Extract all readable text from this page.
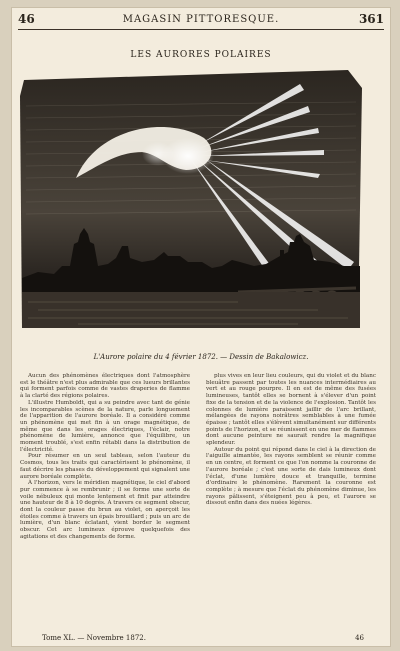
46	MAGASIN PITTORESQUE.	361
LES AURORES POLAIRES
L'Aurore polaire du 4 février 1872. — Dessin de Bakalowicz.

Aucun des phénomènes électriques dont l'atmosphère est le théâtre n'est plus admirable que ces lueurs brillantes qui forment parfois comme de vastes draperies de flamme à la clarté des régions polaires.

L'illustre Humboldt, qui a su peindre avec tant de génie les incomparables scènes de la nature, parle longuement de l'apparition de l'aurore boréale. Il a considéré comme un phénomène qui met fin à un orage magnétique, de même que dans les orages électriques, l'éclair, notre phénomène de lumière, annonce que l'équilibre, un moment troublé, s'est enfin rétabli dans la distribution de l'électricité.

Pour résumer en un seul tableau, selon l'auteur du Cosmos, tous les traits qui caractérisent le phénomène, il faut décrire les phases du développement qui signalent une aurore boréale complète.

À l'horizon, vers le méridien magnétique, le ciel d'abord pur commence à se rembrunir ; il se forme une sorte de voile nébuleux qui monte lentement et finit par atteindre une hauteur de 8 à 10 degrés. À travers ce segment obscur, dont la couleur passe du brun au violet, on aperçoit les étoiles comme à travers un épais brouillard ; puis un arc de lumière, d'un blanc éclatant, vient border le segment obscur. Cet arc lumineux éprouve quelquefois des agitations et des changements de forme.

plus vives en leur lieu couleurs, qui du violet et du blanc bleuâtre passent par toutes les nuances intermédiaires au vert et au rouge pourpre. Il en est de même des fusées lumineuses, tantôt elles se bornent à s'élever d'un point fixe de la tension et de la violence de l'explosion. Tantôt les colonnes de lumière paraissent jaillir de l'arc brillant, mélangées de rayons noirâtres semblables à une fumée épaisse ; tantôt elles s'élèvent simultanément sur différents points de l'horizon, et se réunissent en une mer de flammes dont aucune peinture ne saurait rendre la magnifique splendeur.

Autour du point qui répond dans le ciel à la direction de l'aiguille aimantée, les rayons semblent se réunir comme en un centre, et forment ce que l'on nomme la couronne de l'aurore boréale ; c'est une sorte de dais lumineux dont l'éclat, d'une lumière douce et tranquille, termine d'ordinaire le phénomène. Rarement la couronne est complète ; à mesure que l'éclat du phénomène diminue, les rayons pâlissent, s'éteignent peu à peu, et l'aurore se dissout enfin dans des nuées légères.

Tome XL. — Novembre 1872.	46
